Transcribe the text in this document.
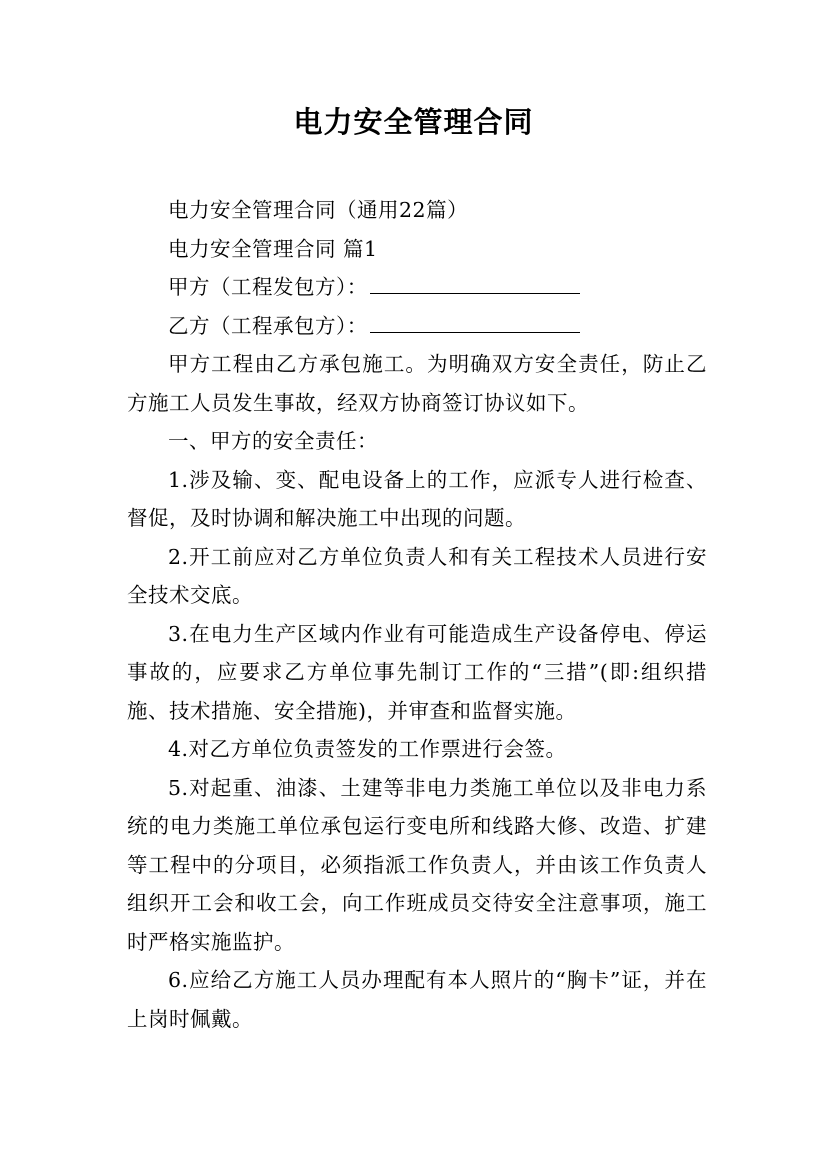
电力安全管理合同

电力安全管理合同（通用22篇）

电力安全管理合同 篇1

甲方（工程发包方）：

乙方（工程承包方）：

甲方工程由乙方承包施工。为明确双方安全责任，防止乙方施工人员发生事故，经双方协商签订协议如下。

一、甲方的安全责任：

1.涉及输、变、配电设备上的工作，应派专人进行检查、督促，及时协调和解决施工中出现的问题。

2.开工前应对乙方单位负责人和有关工程技术人员进行安全技术交底。

3.在电力生产区域内作业有可能造成生产设备停电、停运事故的，应要求乙方单位事先制订工作的“三措”(即:组织措施、技术措施、安全措施)，并审查和监督实施。

4.对乙方单位负责签发的工作票进行会签。

5.对起重、油漆、土建等非电力类施工单位以及非电力系统的电力类施工单位承包运行变电所和线路大修、改造、扩建等工程中的分项目，必须指派工作负责人，并由该工作负责人组织开工会和收工会，向工作班成员交待安全注意事项，施工时严格实施监护。

6.应给乙方施工人员办理配有本人照片的“胸卡”证，并在上岗时佩戴。
